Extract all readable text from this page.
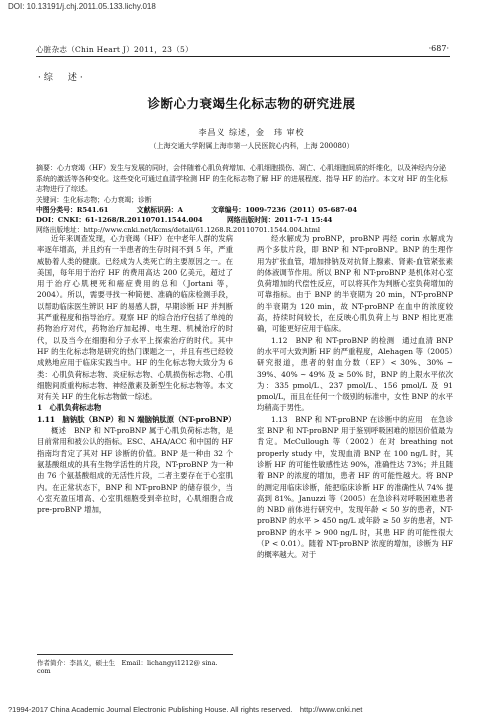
DOI: 10.13191/j.chj.2011.05.133.lichy.018
心脏杂志（Chin Heart J）2011，23（5）	·687·
·综　述·
诊断心力衰竭生化标志物的研究进展
李昌义 综述，金　玮 审校
（上海交通大学附属上海市第一人民医院心内科，上海 200080）
摘要：心力衰竭（HF）发生与发展的同时，会伴随着心肌负荷增加、心肌细胞损伤、凋亡、心肌细胞间质的纤维化，以及神经内分泌系统的激活等各种变化。这些变化可通过血清学检测 HF 的生化标志物了解 HF 的进展程度、指导 HF 的治疗。本文对 HF 的生化标志物进行了综述。
关键词：生化标志物；心力衰竭；诊断
中图分类号：R541.61	文献标识码：A	文章编号：1009-7236（2011）05-687-04
DOI：CNKI：61-1268/R.20110701.1544.004	网络出版时间：2011-7-1 15:44
网络出版地址：http://www.cnki.net/kcms/detail/61.1268.R.20110701.1544.004.html

近年来调查发现，心力衰竭（HF）在中老年人群的发病率逐年增高，并且约有一半患者的生存时间不到 5 年，严重威胁着人类的健康。已经成为人类死亡的主要原因之一。在美国，每年用于治疗 HF 的费用高达 200 亿美元，超过了用于治疗心肌梗死和癌症费用的总和（Jortani 等，2004）。所以，需要寻找一种简便、准确的临床检测手段，以帮助临床医生辨识 HF 的易感人群，早期诊断 HF 并判断其严重程度和指导治疗。观察 HF 的综合治疗包括了单纯的药物治疗对代，药物治疗加起搏、电生理、机械治疗的时代，以及当今在细胞和分子水平上探索治疗的时代。其中 HF 的生化标志物是研究的热门课题之一，并且有些已经较成熟地应用于临床实践当中。HF 的生化标志物大致分为 6 类：心肌负荷标志物、炎症标志物、心肌损伤标志物、心肌细胞间质重构标志物、神经激素及新型生化标志物等。本文对有关 HF 的生化标志物做一综述。

1　心肌负荷标志物

1.11　脑钠肽（BNP）和 N 端脑钠肽原（NT-proBNP）

概述　BNP 和 NT-proBNP 属于心肌负荷标志物，是目前常用和被公认的指标。ESC、AHA/ACC 和中国的 HF 指南均肯定了其对 HF 诊断的价值。BNP 是一种由 32 个氨基酸组成的具有生物学活性的片段，NT-proBNP 为一种由 76 个氨基酸组成的无活性片段，二者主要存在于心室肌内。在正常状态下，BNP 和 NT-proBNP 的储存很少，当心室充盈压增高、心室肌细胞受到牵拉时，心肌细胞合成 pre-proBNP 增加，

经水解成为 proBNP，proBNP 再经 corin 水解成为两个多肽片段，即 BNP 和 NT-proBNP。BNP 的生理作用为扩张血管，增加排钠及对抗肾上腺素、肾素-血管紧张素的体液调节作用。所以 BNP 和 NT-proBNP 是机体对心室负荷增加的代偿性反应，可以将其作为判断心室负荷增加的可靠指标。由于 BNP 的半衰期为 20 min，NT-proBNP 的半衰期为 120 min，故 NT-proBNP 在血中的浓度较高，持续时间较长，在反映心肌负荷上与 BNP 相比更准确，可能更好应用于临床。

1.12　BNP 和 NT-proBNP 的检测　通过血清 BNP 的水平可大致判断 HF 的严重程度，Alehagen 等（2005）研究报道，患者的射血分数（EF）< 30%、30% ~ 39%、40% ~ 49% 及 ≥ 50% 时，BNP 的上限水平依次为：335 pmol/L、237 pmol/L、156 pmol/L 及 91 pmol/L，而且在任何一个级别的标准中，女性 BNP 的水平均稍高于男性。

1.13　BNP 和 NT-proBNP 在诊断中的应用　在急诊室 BNP 和 NT-proBNP 用于鉴别呼吸困难的原因价值最为肯定。McCullough 等（2002）在对 breathing not properly study 中，发现血清 BNP 在 100 ng/L 时，其诊断 HF 的可能性敏感性达 90%，准确性达 73%；并且随着 BNP 的浓度的增加，患者 HF 的可能性越大。将 BNP 的测定用临床诊断，能把临床诊断 HF 的准确性从 74% 提高到 81%。Januzzi 等（2005）在急诊科对呼吸困难患者的 NBD 前体进行研究中，发现年龄 < 50 岁的患者，NT-proBNP 的水平 > 450 ng/L 或年龄 ≥ 50 岁的患者，NT-proBNP 的水平 > 900 ng/L 时，其患 HF 的可能性很大（P < 0.01）。随着 NT-proBNP 浓度的增加，诊断为 HF 的概率越大。对于

作者简介：李昌义，硕士生　Email：lichangyi1212@ sina. com
?1994-2017 China Academic Journal Electronic Publishing House. All rights reserved.　http://www.cnki.net
